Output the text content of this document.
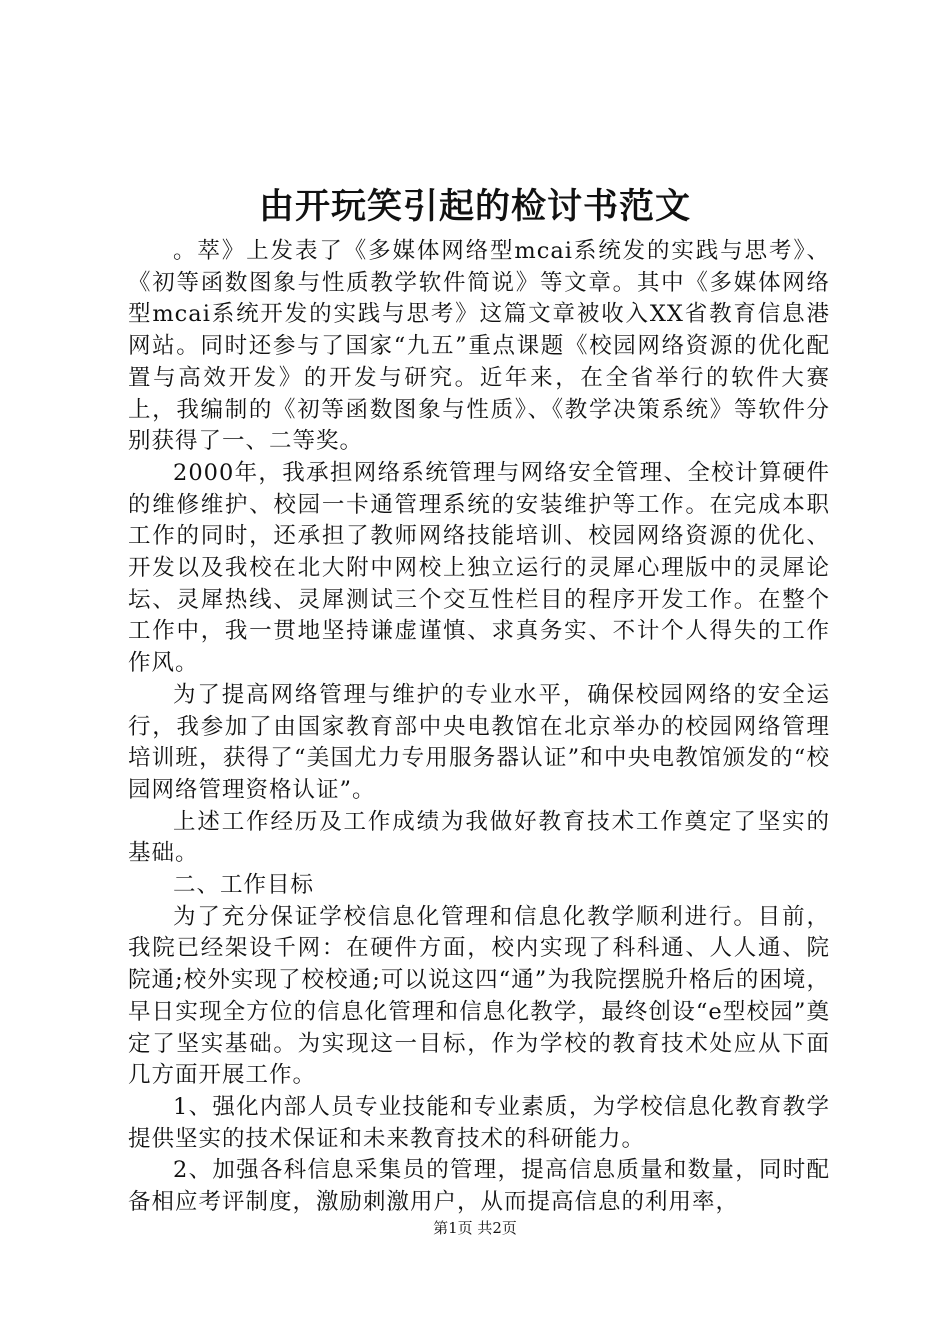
由开玩笑引起的检讨书范文

。萃》上发表了《多媒体网络型mcai系统发的实践与思考》、《初等函数图象与性质教学软件简说》等文章。其中《多媒体网络型mcai系统开发的实践与思考》这篇文章被收入XX省教育信息港网站。同时还参与了国家“九五”重点课题《校园网络资源的优化配置与高效开发》的开发与研究。近年来，在全省举行的软件大赛上，我编制的《初等函数图象与性质》、《教学决策系统》等软件分别获得了一、二等奖。

2000年，我承担网络系统管理与网络安全管理、全校计算硬件的维修维护、校园一卡通管理系统的安装维护等工作。在完成本职工作的同时，还承担了教师网络技能培训、校园网络资源的优化、开发以及我校在北大附中网校上独立运行的灵犀心理版中的灵犀论坛、灵犀热线、灵犀测试三个交互性栏目的程序开发工作。在整个工作中，我一贯地坚持谦虚谨慎、求真务实、不计个人得失的工作作风。

为了提高网络管理与维护的专业水平，确保校园网络的安全运行，我参加了由国家教育部中央电教馆在北京举办的校园网络管理培训班，获得了“美国尤力专用服务器认证”和中央电教馆颁发的“校园网络管理资格认证”。

上述工作经历及工作成绩为我做好教育技术工作奠定了坚实的基础。

二、工作目标

为了充分保证学校信息化管理和信息化教学顺利进行。目前，我院已经架设千网：在硬件方面，校内实现了科科通、人人通、院院通;校外实现了校校通;可以说这四“通”为我院摆脱升格后的困境，早日实现全方位的信息化管理和信息化教学，最终创设“e型校园”奠定了坚实基础。为实现这一目标，作为学校的教育技术处应从下面几方面开展工作。

1、强化内部人员专业技能和专业素质，为学校信息化教育教学提供坚实的技术保证和未来教育技术的科研能力。

2、加强各科信息采集员的管理，提高信息质量和数量，同时配备相应考评制度，激励刺激用户，从而提高信息的利用率，

第1页 共2页
